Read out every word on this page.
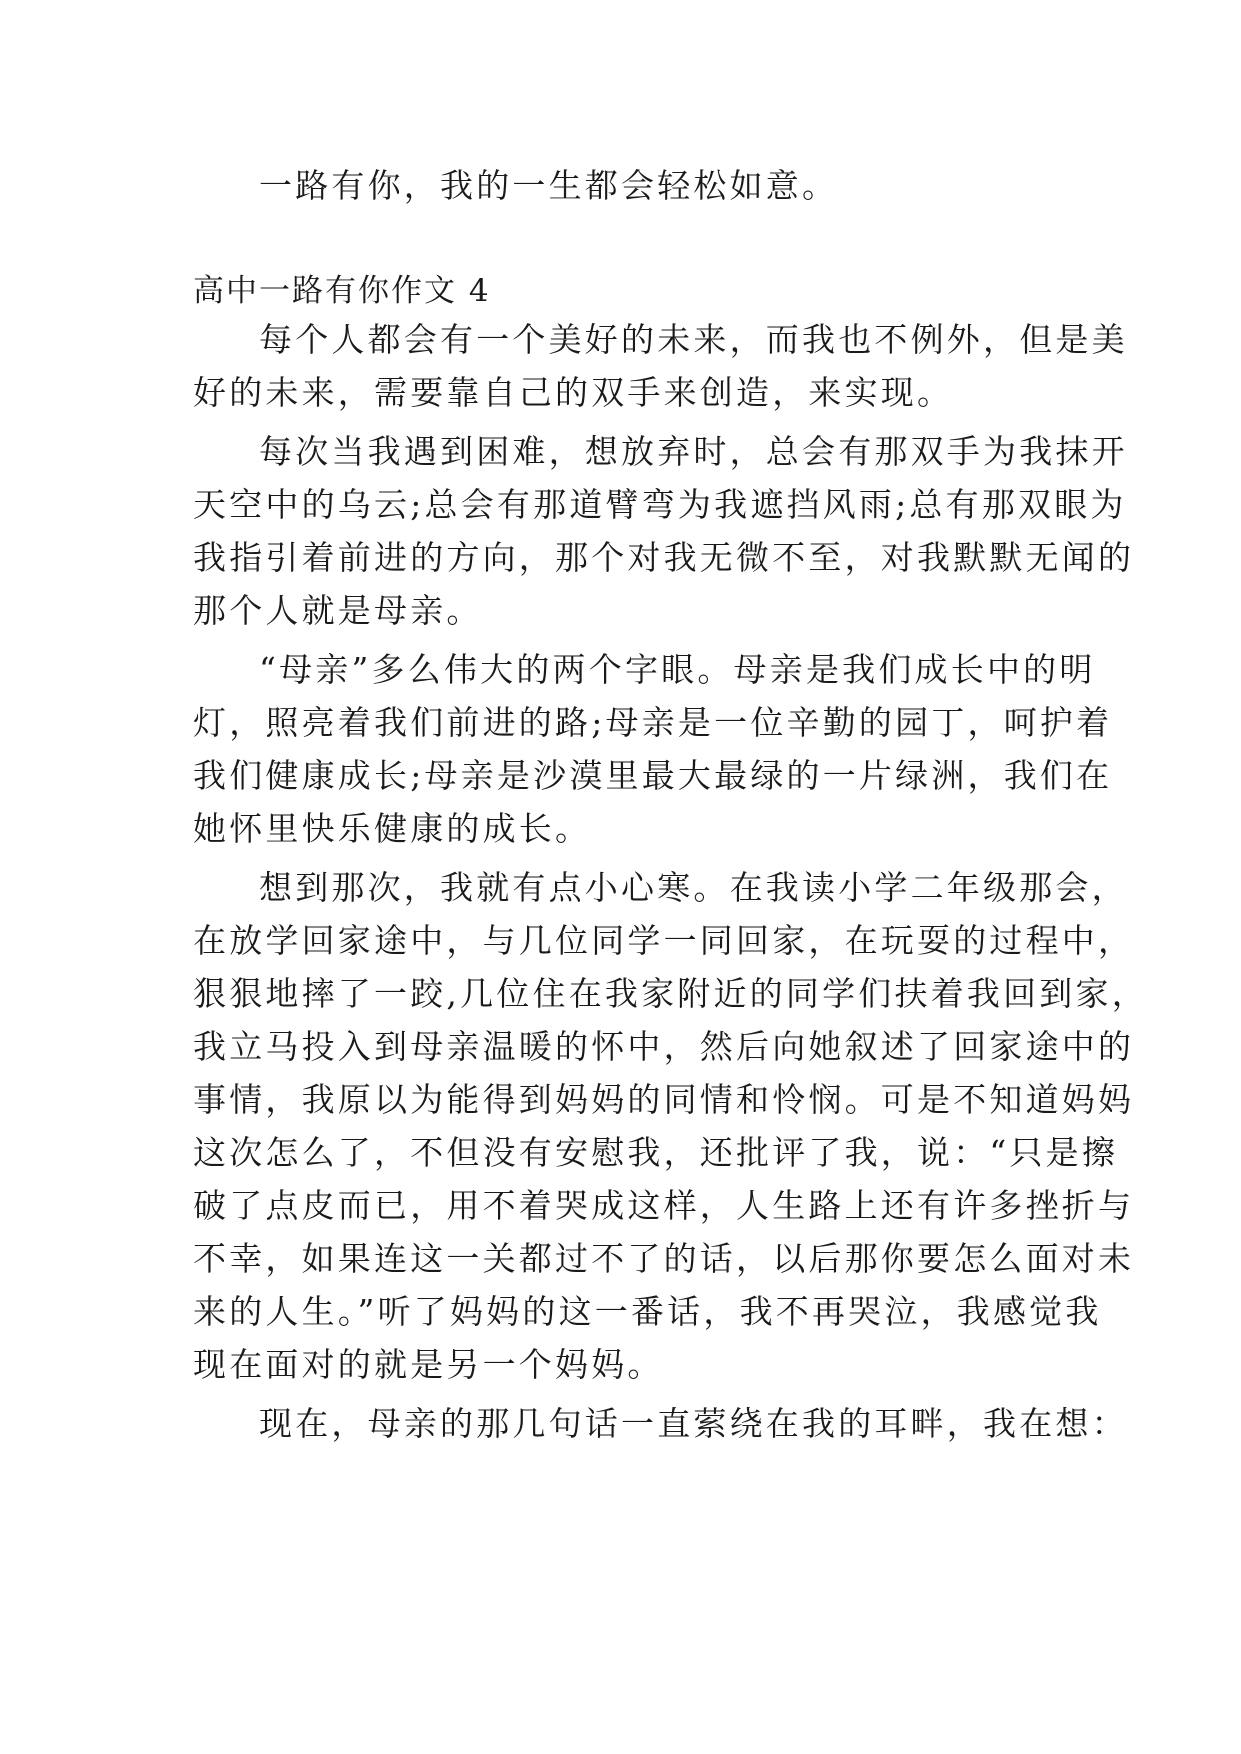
一路有你，我的一生都会轻松如意。
高中一路有你作文 4
每个人都会有一个美好的未来，而我也不例外，但是美
好的未来，需要靠自己的双手来创造，来实现。
每次当我遇到困难，想放弃时，总会有那双手为我抹开
天空中的乌云;总会有那道臂弯为我遮挡风雨;总有那双眼为
我指引着前进的方向，那个对我无微不至，对我默默无闻的
那个人就是母亲。
“母亲”多么伟大的两个字眼。母亲是我们成长中的明
灯，照亮着我们前进的路;母亲是一位辛勤的园丁，呵护着
我们健康成长;母亲是沙漠里最大最绿的一片绿洲，我们在
她怀里快乐健康的成长。
想到那次，我就有点小心寒。在我读小学二年级那会，
在放学回家途中，与几位同学一同回家，在玩耍的过程中，
狠狠地摔了一跤,几位住在我家附近的同学们扶着我回到家，
我立马投入到母亲温暖的怀中，然后向她叙述了回家途中的
事情，我原以为能得到妈妈的同情和怜悯。可是不知道妈妈
这次怎么了，不但没有安慰我，还批评了我，说：“只是擦
破了点皮而已，用不着哭成这样，人生路上还有许多挫折与
不幸，如果连这一关都过不了的话，以后那你要怎么面对未
来的人生。”听了妈妈的这一番话，我不再哭泣，我感觉我
现在面对的就是另一个妈妈。
现在，母亲的那几句话一直萦绕在我的耳畔，我在想：
